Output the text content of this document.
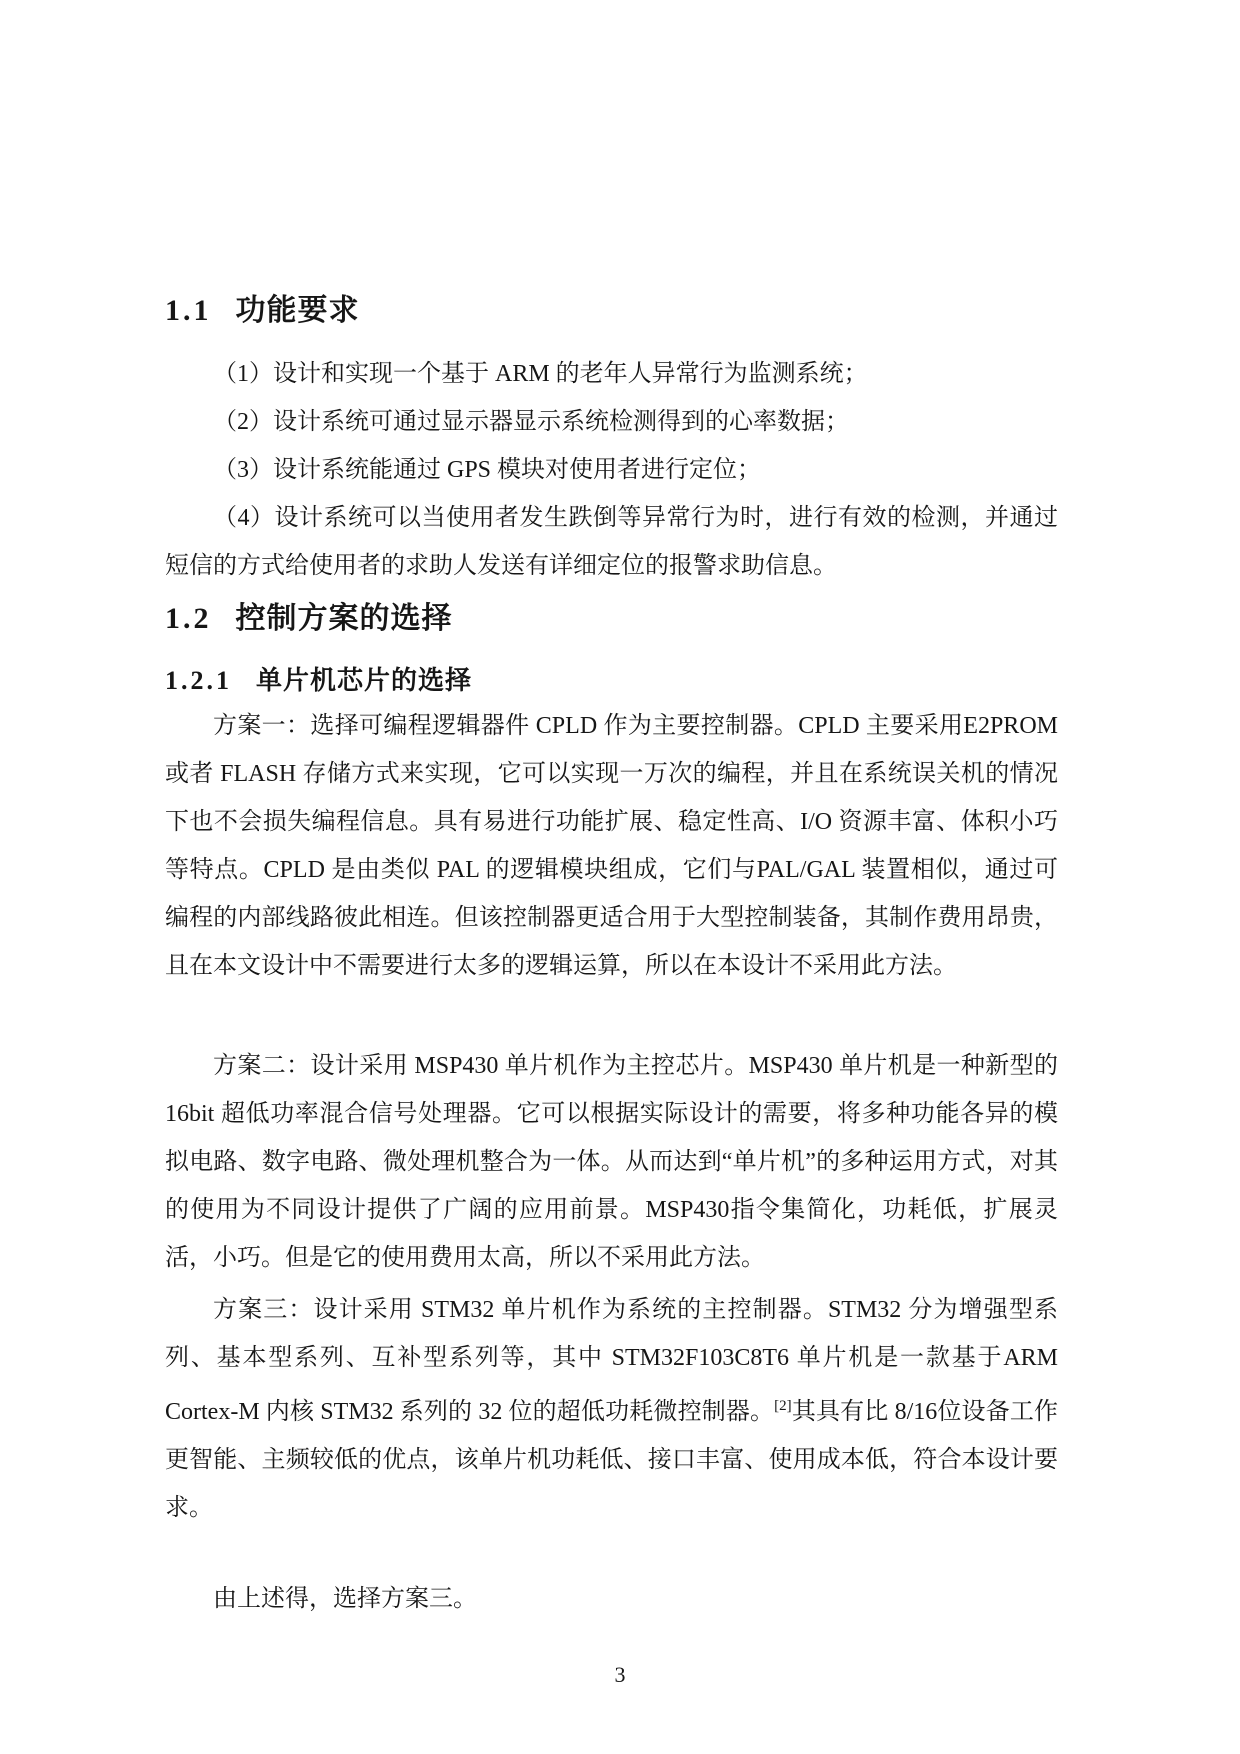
1.1 功能要求

（1）设计和实现一个基于 ARM 的老年人异常行为监测系统；

（2）设计系统可通过显示器显示系统检测得到的心率数据；

（3）设计系统能通过 GPS 模块对使用者进行定位；

（4）设计系统可以当使用者发生跌倒等异常行为时，进行有效的检测，并通过短信的方式给使用者的求助人发送有详细定位的报警求助信息。

1.2 控制方案的选择
1.2.1 单片机芯片的选择

方案一：选择可编程逻辑器件 CPLD 作为主要控制器。CPLD 主要采用E2PROM 或者 FLASH 存储方式来实现，它可以实现一万次的编程，并且在系统误关机的情况下也不会损失编程信息。具有易进行功能扩展、稳定性高、I/O 资源丰富、体积小巧等特点。CPLD 是由类似 PAL 的逻辑模块组成，它们与PAL/GAL 装置相似，通过可编程的内部线路彼此相连。但该控制器更适合用于大型控制装备，其制作费用昂贵，且在本文设计中不需要进行太多的逻辑运算，所以在本设计不采用此方法。

方案二：设计采用 MSP430 单片机作为主控芯片。MSP430 单片机是一种新型的 16bit 超低功率混合信号处理器。它可以根据实际设计的需要，将多种功能各异的模拟电路、数字电路、微处理机整合为一体。从而达到“单片机”的多种运用方式，对其的使用为不同设计提供了广阔的应用前景。MSP430指令集简化，功耗低，扩展灵活，小巧。但是它的使用费用太高，所以不采用此方法。

方案三：设计采用 STM32 单片机作为系统的主控制器。STM32 分为增强型系列、基本型系列、互补型系列等，其中 STM32F103C8T6 单片机是一款基于ARM Cortex-M 内核 STM32 系列的 32 位的超低功耗微控制器。[2]其具有比 8/16位设备工作更智能、主频较低的优点，该单片机功耗低、接口丰富、使用成本低，符合本设计要求。

由上述得，选择方案三。

3
